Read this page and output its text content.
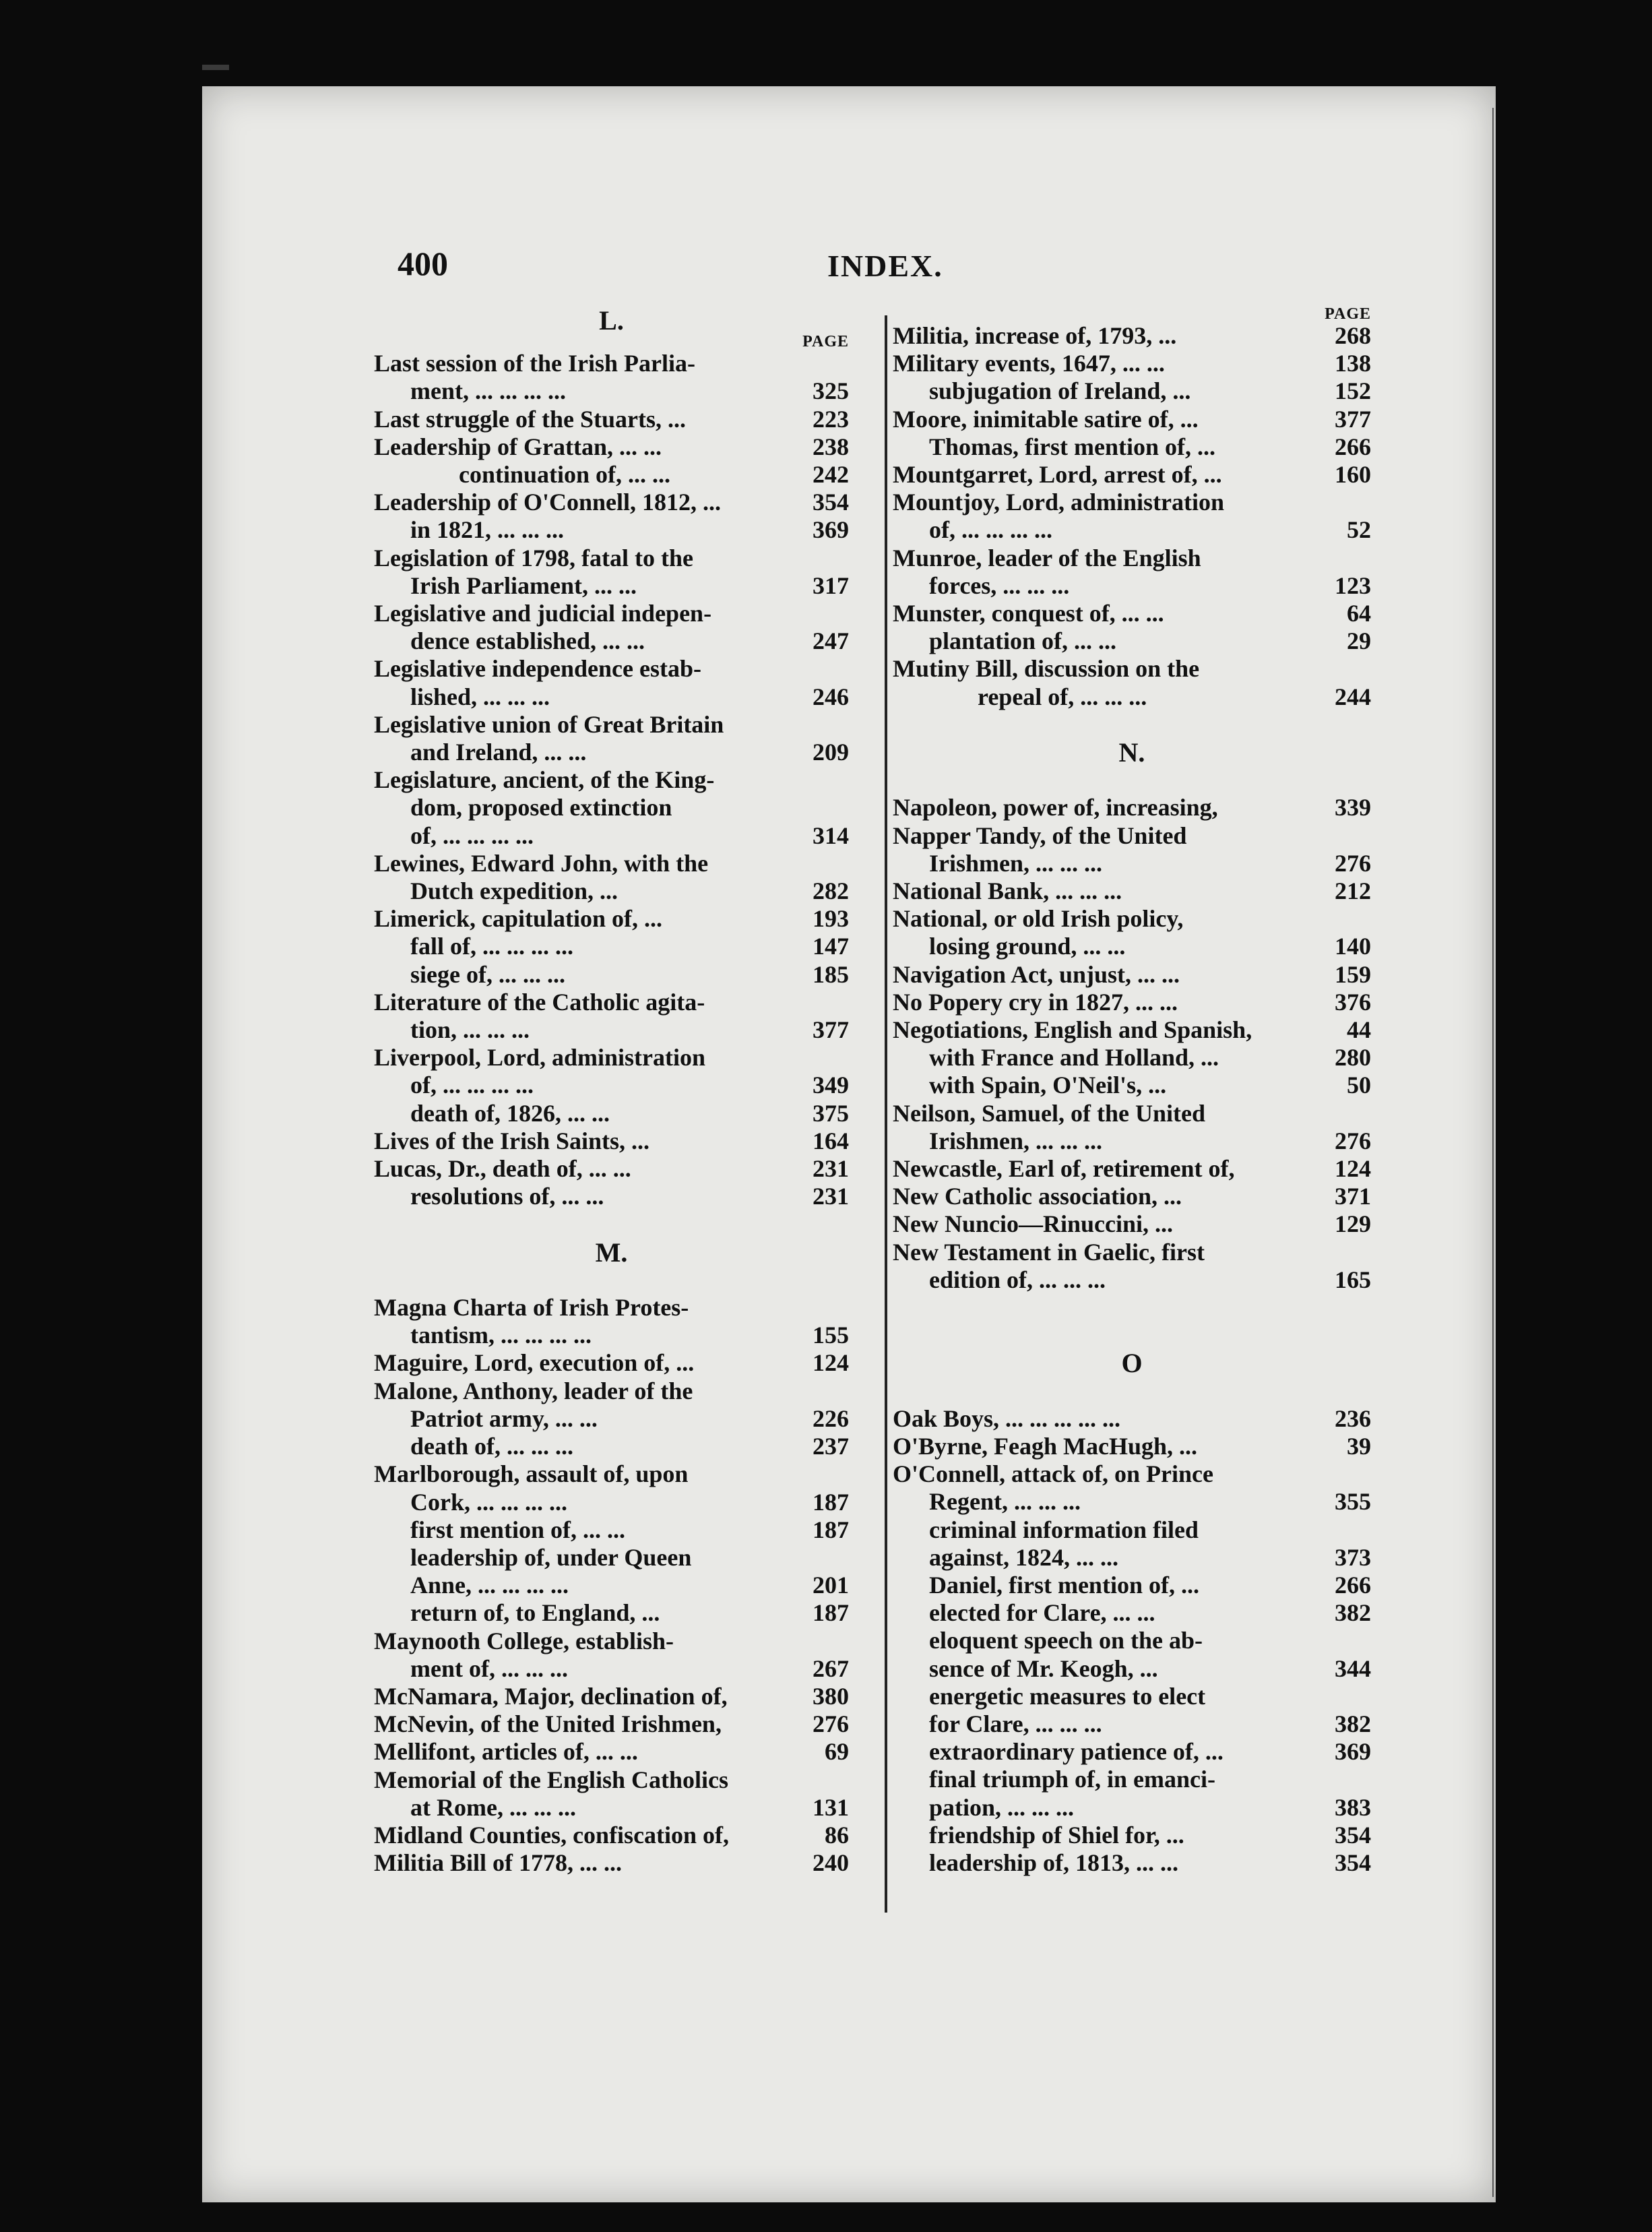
400	INDEX.
L.
PAGE
Last session of the Irish Parlia-
ment, ... ... ... ...	325
Last struggle of the Stuarts, ...	223
Leadership of Grattan, ... ...	238
continuation of, ... ...	242
Leadership of O'Connell, 1812, ...	354
in 1821, ... ... ...	369
Legislation of 1798, fatal to the
Irish Parliament, ... ...	317
Legislative and judicial indepen-
dence established, ... ...	247
Legislative independence estab-
lished, ... ... ...	246
Legislative union of Great Britain
and Ireland, ... ...	209
Legislature, ancient, of the King-
dom, proposed extinction
of, ... ... ... ...	314
Lewines, Edward John, with the
Dutch expedition, ...	282
Limerick, capitulation of, ...	193
fall of, ... ... ... ...	147
siege of, ... ... ...	185
Literature of the Catholic agita-
tion, ... ... ...	377
Liverpool, Lord, administration
of, ... ... ... ...	349
death of, 1826, ... ...	375
Lives of the Irish Saints, ...	164
Lucas, Dr., death of, ... ...	231
resolutions of, ... ...	231
M.
Magna Charta of Irish Protes-
tantism, ... ... ... ...	155
Maguire, Lord, execution of, ...	124
Malone, Anthony, leader of the
Patriot army, ... ...	226
death of, ... ... ...	237
Marlborough, assault of, upon
Cork, ... ... ... ...	187
first mention of, ... ...	187
leadership of, under Queen
Anne, ... ... ... ...	201
return of, to England, ...	187
Maynooth College, establish-
ment of, ... ... ...	267
McNamara, Major, declination of,	380
McNevin, of the United Irishmen,	276
Mellifont, articles of, ... ...	69
Memorial of the English Catholics
at Rome, ... ... ...	131
Midland Counties, confiscation of,	86
Militia Bill of 1778, ... ...	240
PAGE
Militia, increase of, 1793, ...	268
Military events, 1647, ... ...	138
subjugation of Ireland, ...	152
Moore, inimitable satire of, ...	377
Thomas, first mention of, ...	266
Mountgarret, Lord, arrest of, ...	160
Mountjoy, Lord, administration
of, ... ... ... ...	52
Munroe, leader of the English
forces, ... ... ...	123
Munster, conquest of, ... ...	64
plantation of, ... ...	29
Mutiny Bill, discussion on the
repeal of, ... ... ...	244
N.
Napoleon, power of, increasing,	339
Napper Tandy, of the United
Irishmen, ... ... ...	276
National Bank, ... ... ...	212
National, or old Irish policy,
losing ground, ... ...	140
Navigation Act, unjust, ... ...	159
No Popery cry in 1827, ... ...	376
Negotiations, English and Spanish,	44
with France and Holland, ...	280
with Spain, O'Neil's, ...	50
Neilson, Samuel, of the United
Irishmen, ... ... ...	276
Newcastle, Earl of, retirement of,	124
New Catholic association, ...	371
New Nuncio—Rinuccini, ...	129
New Testament in Gaelic, first
edition of, ... ... ...	165
O
Oak Boys, ... ... ... ... ...	236
O'Byrne, Feagh MacHugh, ...	39
O'Connell, attack of, on Prince
Regent, ... ... ...	355
criminal information filed
against, 1824, ... ...	373
Daniel, first mention of, ...	266
elected for Clare, ... ...	382
eloquent speech on the ab-
sence of Mr. Keogh, ...	344
energetic measures to elect
for Clare, ... ... ...	382
extraordinary patience of, ...	369
final triumph of, in emanci-
pation, ... ... ...	383
friendship of Shiel for, ...	354
leadership of, 1813, ... ...	354
